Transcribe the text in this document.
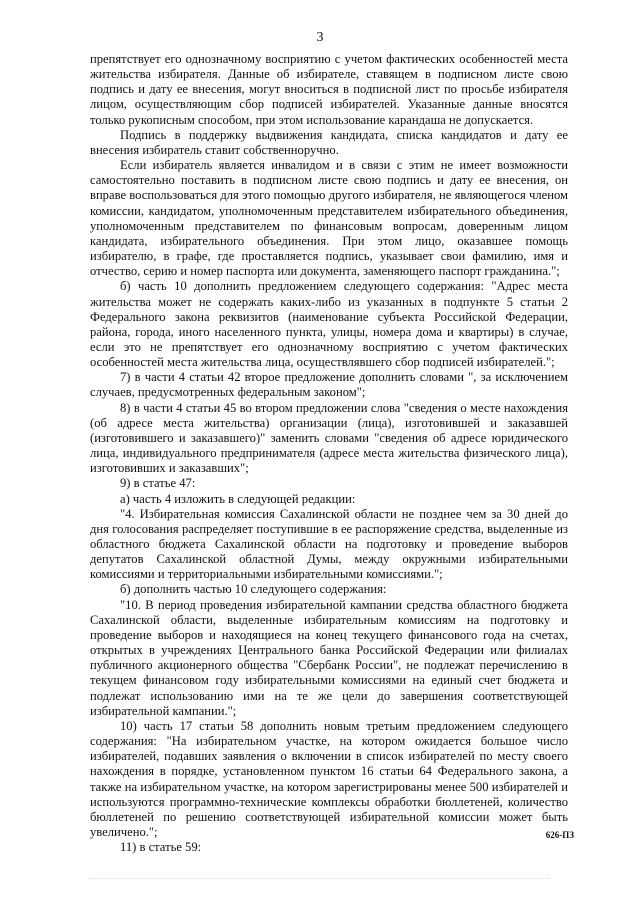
3

препятствует его однозначному восприятию с учетом фактических особенностей места жительства избирателя. Данные об избирателе, ставящем в подписном листе свою подпись и дату ее внесения, могут вноситься в подписной лист по просьбе избирателя лицом, осуществляющим сбор подписей избирателей. Указанные данные вносятся только рукописным способом, при этом использование карандаша не допускается.

Подпись в поддержку выдвижения кандидата, списка кандидатов и дату ее внесения избиратель ставит собственноручно.

Если избиратель является инвалидом и в связи с этим не имеет возможности самостоятельно поставить в подписном листе свою подпись и дату ее внесения, он вправе воспользоваться для этого помощью другого избирателя, не являющегося членом комиссии, кандидатом, уполномоченным представителем избирательного объединения, уполномоченным представителем по финансовым вопросам, доверенным лицом кандидата, избирательного объединения. При этом лицо, оказавшее помощь избирателю, в графе, где проставляется подпись, указывает свои фамилию, имя и отчество, серию и номер паспорта или документа, заменяющего паспорт гражданина.";

б) часть 10 дополнить предложением следующего содержания: "Адрес места жительства может не содержать каких-либо из указанных в подпункте 5 статьи 2 Федерального закона реквизитов (наименование субъекта Российской Федерации, района, города, иного населенного пункта, улицы, номера дома и квартиры) в случае, если это не препятствует его однозначному восприятию с учетом фактических особенностей места жительства лица, осуществлявшего сбор подписей избирателей.";

7) в части 4 статьи 42 второе предложение дополнить словами ", за исключением случаев, предусмотренных федеральным законом";

8) в части 4 статьи 45 во втором предложении слова "сведения о месте нахождения (об адресе места жительства) организации (лица), изготовившей и заказавшей (изготовившего и заказавшего)" заменить словами "сведения об адресе юридического лица, индивидуального предпринимателя (адресе места жительства физического лица), изготовивших и заказавших";

9) в статье 47:

а) часть 4 изложить в следующей редакции:

"4. Избирательная комиссия Сахалинской области не позднее чем за 30 дней до дня голосования распределяет поступившие в ее распоряжение средства, выделенные из областного бюджета Сахалинской области на подготовку и проведение выборов депутатов Сахалинской областной Думы, между окружными избирательными комиссиями и территориальными избирательными комиссиями.";

б) дополнить частью 10 следующего содержания:

"10. В период проведения избирательной кампании средства областного бюджета Сахалинской области, выделенные избирательным комиссиям на подготовку и проведение выборов и находящиеся на конец текущего финансового года на счетах, открытых в учреждениях Центрального банка Российской Федерации или филиалах публичного акционерного общества "Сбербанк России", не подлежат перечислению в текущем финансовом году избирательными комиссиями на единый счет бюджета и подлежат использованию ими на те же цели до завершения соответствующей избирательной кампании.";

10) часть 17 статьи 58 дополнить новым третьим предложением следующего содержания: "На избирательном участке, на котором ожидается большое число избирателей, подавших заявления о включении в список избирателей по месту своего нахождения в порядке, установленном пунктом 16 статьи 64 Федерального закона, а также на избирательном участке, на котором зарегистрированы менее 500 избирателей и используются программно-технические комплексы обработки бюллетеней, количество бюллетеней по решению соответствующей избирательной комиссии может быть увеличено.";

11) в статье 59:

626-ПЗ
